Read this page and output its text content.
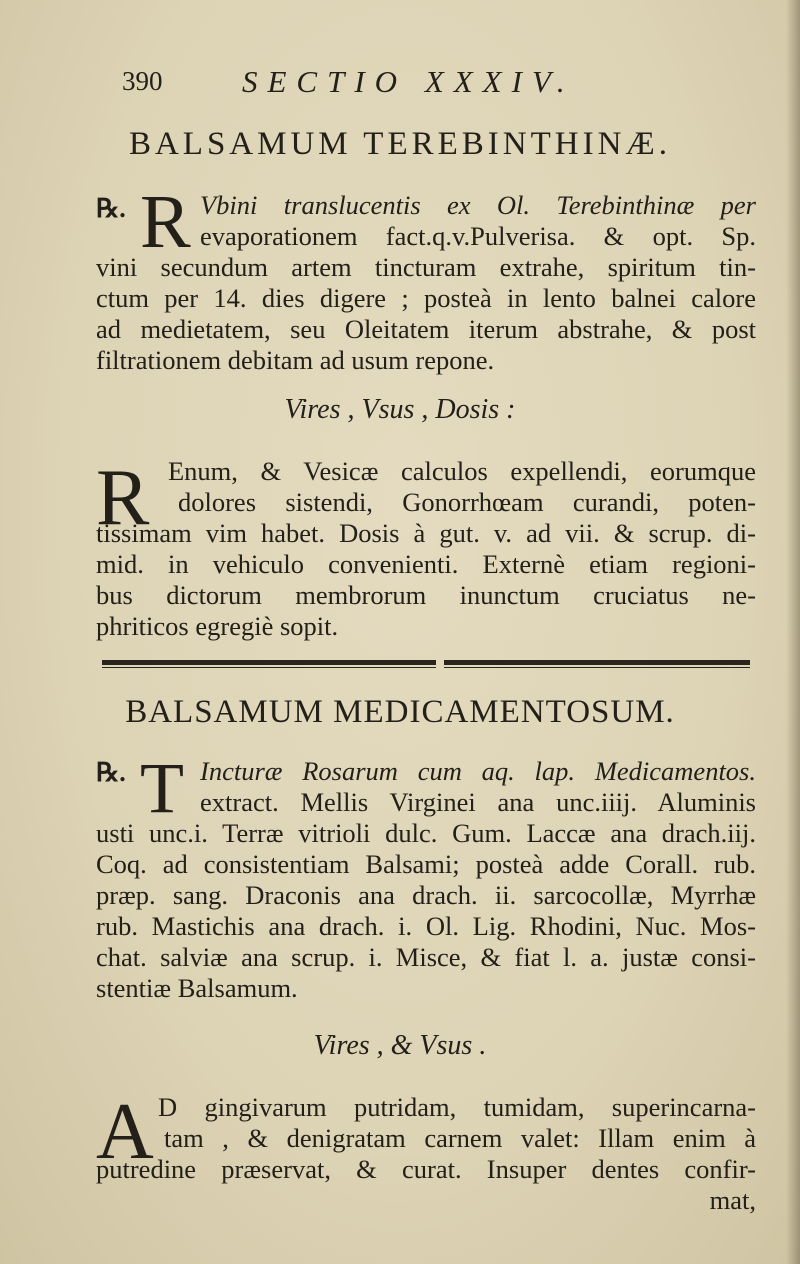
390	SECTIO XXXIV.
BALSAMUM TEREBINTHINÆ.
℞. R Vbini translucentis ex Ol. Terebinthinæ per
evaporationem fact.q.v.Pulverisa. & opt. Sp.
vini secundum artem tincturam extrahe, spiritum tin-
ctum per 14. dies digere ; posteà in lento balnei calore
ad medietatem, seu Oleitatem iterum abstrahe, & post
filtrationem debitam ad usum repone.
Vires , Vsus , Dosis :
R Enum, & Vesicæ calculos expellendi, eorumque
dolores sistendi, Gonorrhœam curandi, poten-
tissimam vim habet. Dosis à gut. v. ad vii. & scrup. di-
mid. in vehiculo convenienti. Externè etiam regioni-
bus dictorum membrorum inunctum cruciatus ne-
phriticos egregiè sopit.
BALSAMUM MEDICAMENTOSUM.
℞. T Incturæ Rosarum cum aq. lap. Medicamentos.
extract. Mellis Virginei ana unc.iiij. Aluminis
usti unc.i. Terræ vitrioli dulc. Gum. Laccæ ana drach.iij.
Coq. ad consistentiam Balsami; posteà adde Corall. rub.
præp. sang. Draconis ana drach. ii. sarcocollæ, Myrrhæ
rub. Mastichis ana drach. i. Ol. Lig. Rhodini, Nuc. Mos-
chat. salviæ ana scrup. i. Misce, & fiat l. a. justæ consi-
stentiæ Balsamum.
Vires , & Vsus .
A D gingivarum putridam, tumidam, superincarna-
tam , & denigratam carnem valet: Illam enim à
putredine præservat, & curat. Insuper dentes confir-
mat,
